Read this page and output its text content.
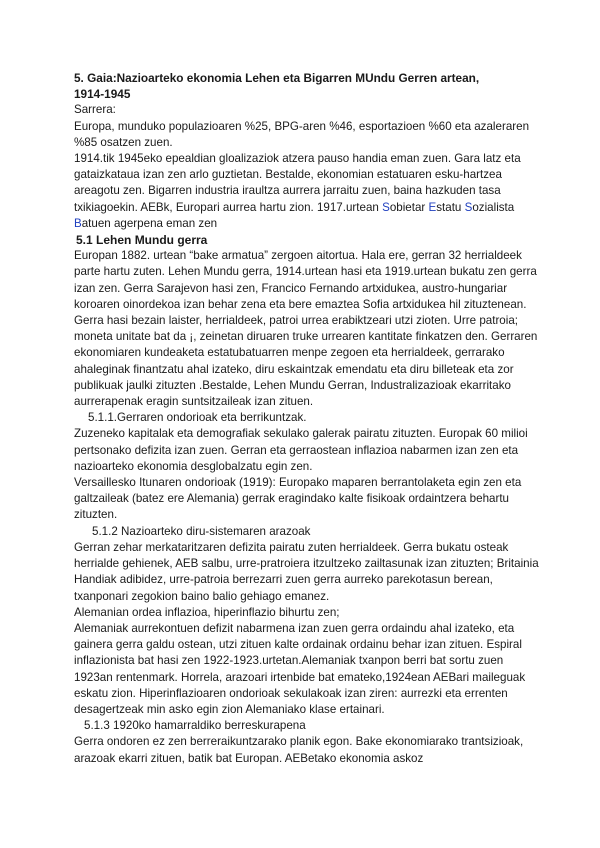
5. Gaia:Nazioarteko ekonomia Lehen eta Bigarren MUndu Gerren artean,
1914-1945

Sarrera:

Europa, munduko populazioaren %25, BPG-aren %46, esportazioen %60 eta azaleraren %85 osatzen zuen.

1914.tik 1945eko epealdian gloalizaziok atzera pauso handia eman zuen. Gara latz eta gataizkataua izan zen arlo guztietan. Bestalde, ekonomian estatuaren esku-hartzea areagotu zen. Bigarren industria iraultza aurrera jarraitu zuen, baina hazkuden tasa txikiagoekin. AEBk, Europari aurrea hartu zion. 1917.urtean Sobietar Estatu Sozialista Batuen agerpena eman zen

5.1 Lehen Mundu gerra

Europan 1882. urtean “bake armatua” zergoen aitortua. Hala ere, gerran 32 herrialdeek parte hartu zuten. Lehen Mundu gerra, 1914.urtean hasi eta 1919.urtean bukatu zen gerra izan zen. Gerra Sarajevon hasi zen, Francico Fernando artxidukea, austro-hungariar koroaren oinordekoa izan behar zena eta bere emaztea Sofia artxidukea hil zituztenean. Gerra hasi bezain laister, herrialdeek, patroi urrea erabiktzeari utzi zioten. Urre patroia; moneta unitate bat da ¡, zeinetan diruaren truke urrearen kantitate finkatzen den. Gerraren ekonomiaren kundeaketa estatubatuarren menpe zegoen eta herrialdeek, gerrarako ahaleginak finantzatu ahal izateko, diru eskaintzak emendatu eta diru billeteak eta zor publikuak jaulki zituzten .Bestalde, Lehen Mundu Gerran, Industralizazioak ekarritako aurrerapenak eragin suntsitzaileak izan zituen.

5.1.1.Gerraren ondorioak eta berrikuntzak.

Zuzeneko kapitalak eta demografiak sekulako galerak pairatu zituzten. Europak 60 milioi pertsonako defizita izan zuen. Gerran eta gerraostean inflazioa nabarmen izan zen eta nazioarteko ekonomia desglobalzatu egin zen.

Versaillesko Itunaren ondorioak (1919): Europako maparen berrantolaketa egin zen eta galtzaileak (batez ere Alemania) gerrak eragindako kalte fisikoak ordaintzera behartu zituzten.

5.1.2 Nazioarteko diru-sistemaren arazoak

Gerran zehar merkataritzaren defizita pairatu zuten herrialdeek. Gerra bukatu osteak herrialde gehienek, AEB salbu, urre-pratroiera itzultzeko zailtasunak izan zituzten; Britainia Handiak adibidez, urre-patroia berrezarri zuen gerra aurreko parekotasun berean, txanponari zegokion baino balio gehiago emanez.

Alemanian ordea inflazioa, hiperinflazio bihurtu zen;

Alemaniak aurrekontuen defizit nabarmena izan zuen gerra ordaindu ahal izateko, eta gainera gerra galdu ostean, utzi zituen kalte ordainak ordainu behar izan zituen. Espiral inflazionista bat hasi zen 1922-1923.urtetan.Alemaniak txanpon berri bat sortu zuen 1923an rentenmark. Horrela, arazoari irtenbide bat emateko,1924ean AEBari maileguak eskatu zion. Hiperinflazioaren ondorioak sekulakoak izan ziren: aurrezki eta errenten desagertzeak min asko egin zion Alemaniako klase ertainari.

5.1.3 1920ko hamarraldiko berreskurapena

Gerra ondoren ez zen berreraikuntzarako planik egon. Bake ekonomiarako trantsizioak, arazoak ekarri zituen, batik bat Europan. AEBetako ekonomia askoz
